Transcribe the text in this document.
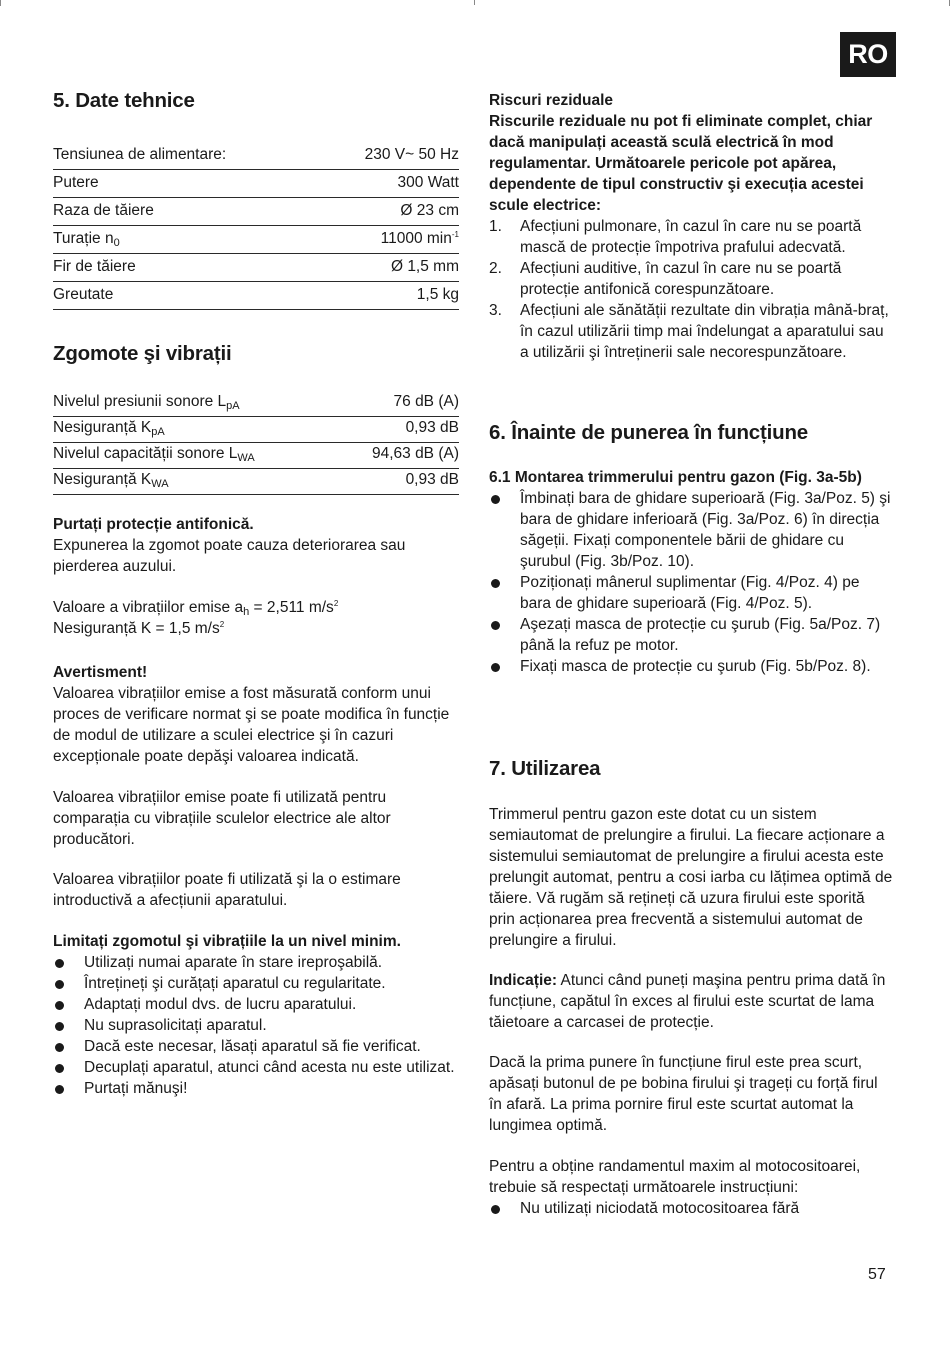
RO
5. Date tehnice
Tensiunea de alimentare:	230 V~ 50 Hz
Putere	300 Watt
Raza de tăiere	Ø 23 cm
Turație $n_0$	11000 $\min^{-1}$
Fir de tăiere	Ø 1,5 mm
Greutate	1,5 kg
Zgomote şi vibrații
Nivelul presiunii sonore $L_{pA}$	76 dB (A)
Nesiguranță $K_{pA}$	0,93 dB
Nivelul capacității sonore $L_{WA}$	94,63 dB (A)
Nesiguranță $K_{WA}$	0,93 dB

Purtați protecție antifonică.

Expunerea la zgomot poate cauza deteriorarea sau pierderea auzului.

Valoare a vibrațiilor emise $a_h = 2,511$ $m/s^2$

Nesiguranță K = 1,5 $m/s^2$

Avertisment!

Valoarea vibrațiilor emise a fost măsurată conform unui proces de verificare normat şi se poate modifica în funcție de modul de utilizare a sculei electrice şi în cazuri excepționale poate depăşi valoarea indicată.

Valoarea vibrațiilor emise poate fi utilizată pentru comparația cu vibrațiile sculelor electrice ale altor producători.

Valoarea vibrațiilor poate fi utilizată şi la o estimare introductivă a afecțiunii aparatului.

Limitați zgomotul şi vibrațiile la un nivel minim.

Utilizați numai aparate în stare ireproşabilă.
Întrețineți şi curățați aparatul cu regularitate.
Adaptați modul dvs. de lucru aparatului.
Nu suprasolicitați aparatul.
Dacă este necesar, lăsați aparatul să fie verificat.
Decuplați aparatul, atunci când acesta nu este utilizat.
Purtați mănuşi!

Riscuri reziduale

Riscurile reziduale nu pot fi eliminate complet, chiar dacă manipulați această sculă electrică în mod regulamentar. Următoarele pericole pot apărea, dependente de tipul constructiv şi execuția acestei scule electrice:

1. Afecțiuni pulmonare, în cazul în care nu se poartă mască de protecție împotriva prafului adecvată.
2. Afecțiuni auditive, în cazul în care nu se poartă protecție antifonică corespunzătoare.
3. Afecțiuni ale sănătății rezultate din vibrația mână-braț, în cazul utilizării timp mai îndelungat a aparatului sau a utilizării şi întreținerii sale necorespunzătoare.
6. Înainte de punerea în funcțiune

6.1 Montarea trimmerului pentru gazon (Fig. 3a-5b)

Îmbinați bara de ghidare superioară (Fig. 3a/Poz. 5) şi bara de ghidare inferioară (Fig. 3a/Poz. 6) în direcția săgeții. Fixați componentele bării de ghidare cu şurubul (Fig. 3b/Poz. 10).
Poziționați mânerul suplimentar (Fig. 4/Poz. 4) pe bara de ghidare superioară (Fig. 4/Poz. 5).
Aşezați masca de protecție cu şurub (Fig. 5a/Poz. 7) până la refuz pe motor.
Fixați masca de protecție cu şurub (Fig. 5b/Poz. 8).
7. Utilizarea

Trimmerul pentru gazon este dotat cu un sistem semiautomat de prelungire a firului. La fiecare acționare a sistemului semiautomat de prelungire a firului acesta este prelungit automat, pentru a cosi iarba cu lățimea optimă de tăiere. Vă rugăm să rețineți că uzura firului este sporită prin acționarea prea frecventă a sistemului automat de prelungire a firului.

Indicație: Atunci când puneți maşina pentru prima dată în funcțiune, capătul în exces al firului este scurtat de lama tăietoare a carcasei de protecție.

Dacă la prima punere în funcțiune firul este prea scurt, apăsați butonul de pe bobina firului şi trageți cu forță firul în afară. La prima pornire firul este scurtat automat la lungimea optimă.

Pentru a obține randamentul maxim al motocositoarei, trebuie să respectați următoarele instrucțiuni:

Nu utilizați niciodată motocositoarea fără
57
